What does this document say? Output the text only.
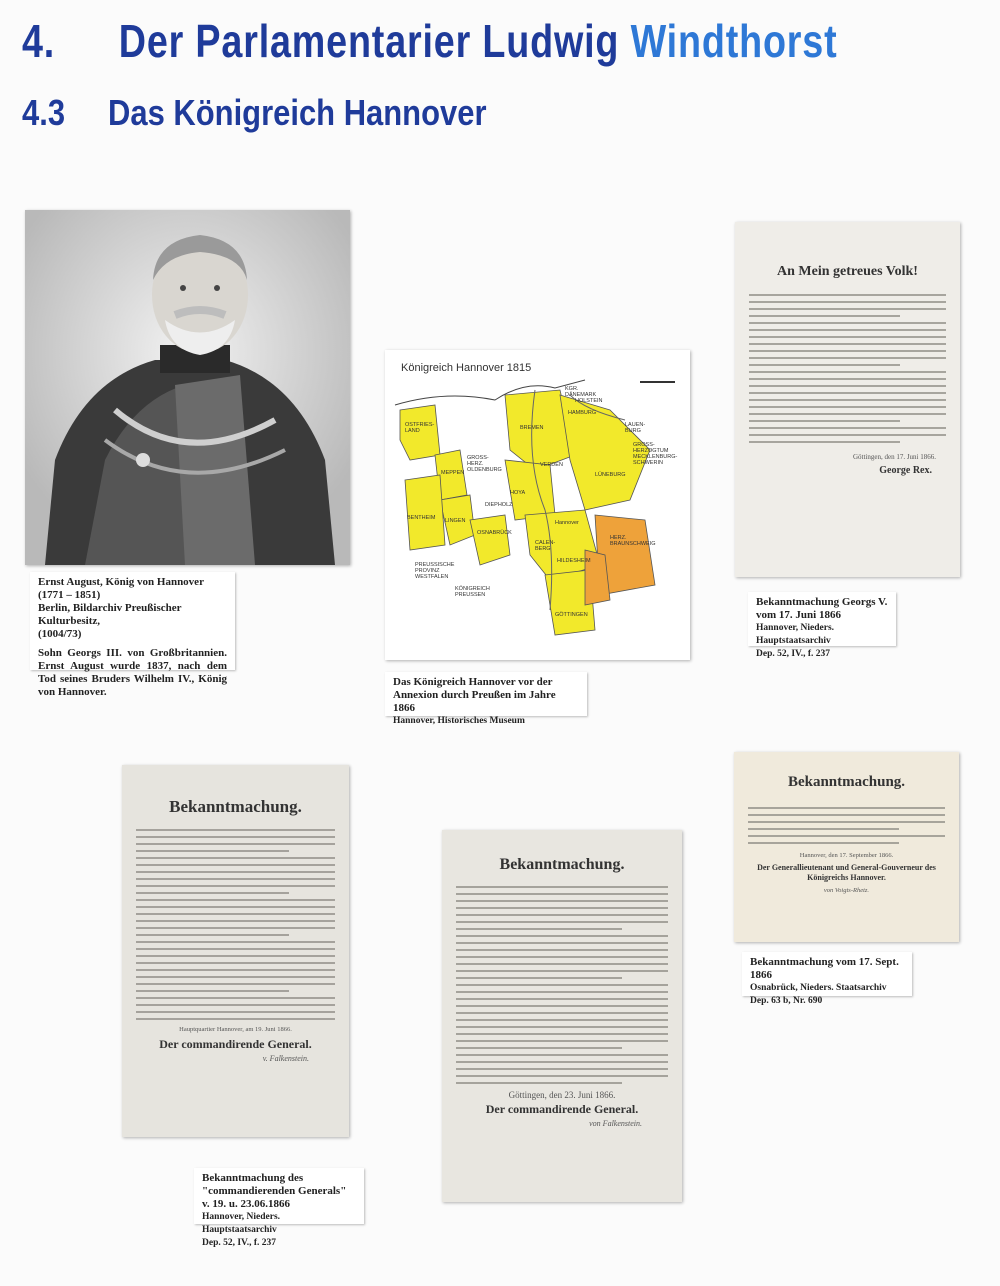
4. Der Parlamentarier Ludwig Windthorst
4.3 Das Königreich Hannover

Ernst August, König von Hannover

(1771 – 1851)

Berlin, Bildarchiv Preußischer Kulturbesitz,

(1004/73)

Sohn Georgs III. von Großbritannien. Ernst August wurde 1837, nach dem Tod seines Bruders Wilhelm IV., König von Hannover.

Königreich Hannover 1815
OSTFRIES-LAND	BREMEN
HAMBURG
LAUEN-BURG
KGR. DÄNEMARK
HOLSTEIN
GROSS-HERZOGTUM MECKLENBURG-SCHWERIN
GROSS-HERZ. OLDENBURG
MEPPEN
VERDEN
LÜNEBURG
HOYA
DIEPHOLZ
LINGEN
BENTHEIM
OSNABRÜCK
CALEN-BERG
HILDESHEIM
HERZ. BRAUNSCHWEIG
GÖTTINGEN
PREUSSISCHE PROVINZ WESTFALEN
KÖNIGREICH PREUSSEN
Hannover

Das Königreich Hannover vor der Annexion durch Preußen im Jahre 1866

Hannover, Historisches Museum

An Mein getreues Volk!
Göttingen, den 17. Juni 1866.
George Rex.

Bekanntmachung Georgs V. vom 17. Juni 1866

Hannover, Nieders. Hauptstaatsarchiv

Dep. 52, IV., f. 237

Bekanntmachung.
Hauptquartier Hannover, am 19. Juni 1866.
Der commandirende General.
v. Falkenstein.

Bekanntmachung des "commandierenden Generals" v. 19. u. 23.06.1866

Hannover, Nieders. Hauptstaatsarchiv

Dep. 52, IV., f. 237

Bekanntmachung.
Göttingen, den 23. Juni 1866.
Der commandirende General.
von Falkenstein.
Bekanntmachung.
Hannover, den 17. September 1866.
Der Generallieutenant und General-Gouverneur des Königreichs Hannover.
von Voigts-Rhetz.

Bekanntmachung vom 17. Sept. 1866

Osnabrück, Nieders. Staatsarchiv

Dep. 63 b, Nr. 690
